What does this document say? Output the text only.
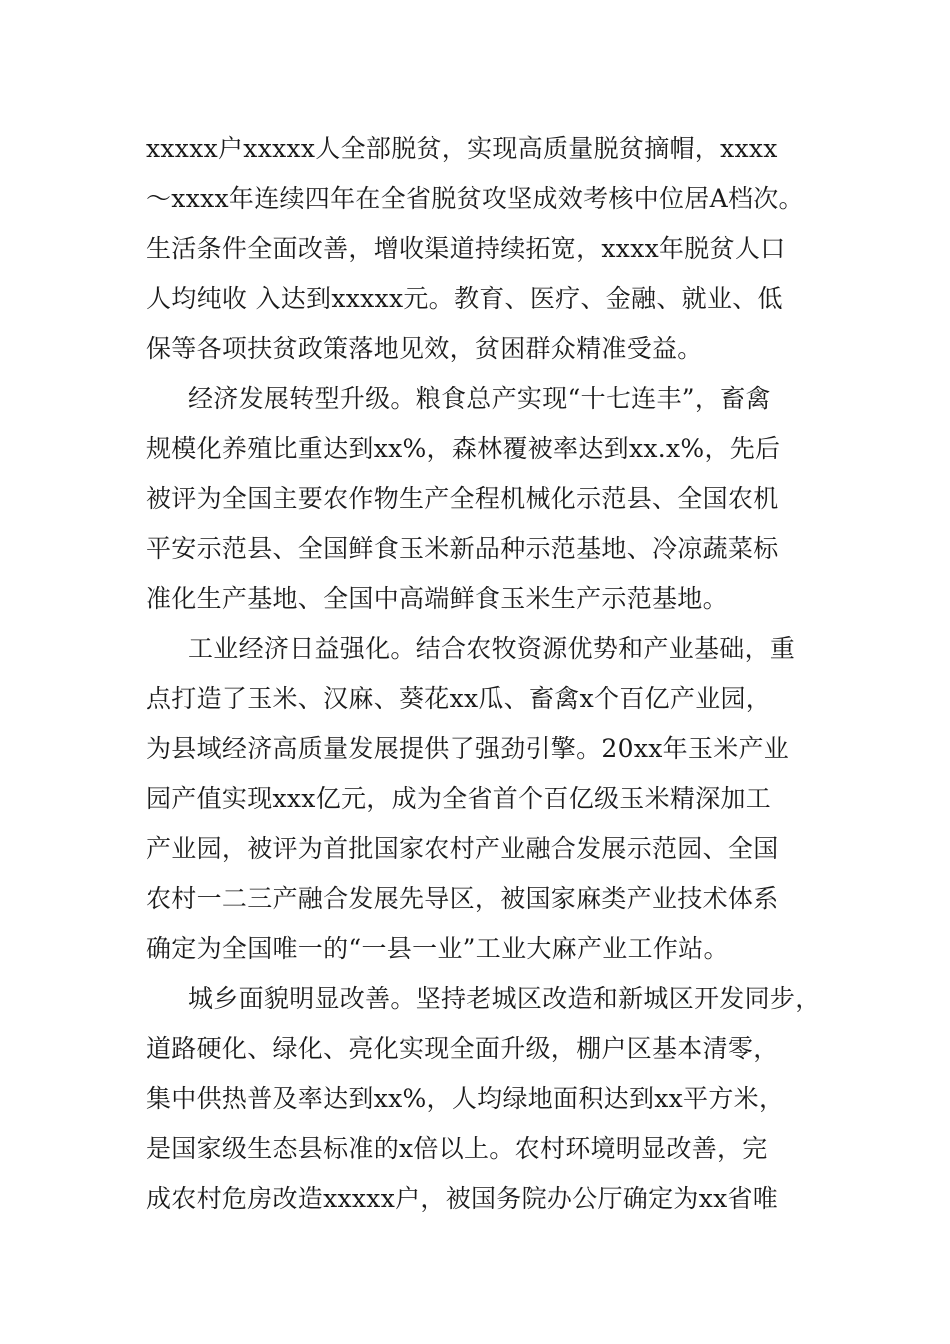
xxxxx户xxxxx人全部脱贫，实现高质量脱贫摘帽，xxxx
～xxxx年连续四年在全省脱贫攻坚成效考核中位居A档次。
生活条件全面改善，增收渠道持续拓宽，xxxx年脱贫人口
人均纯收 入达到xxxxx元。教育、医疗、金融、就业、低
保等各项扶贫政策落地见效，贫困群众精准受益。
经济发展转型升级。粮食总产实现“十七连丰”，畜禽
规模化养殖比重达到xx%，森林覆被率达到xx.x%，先后
被评为全国主要农作物生产全程机械化示范县、全国农机
平安示范县、全国鲜食玉米新品种示范基地、冷凉蔬菜标
准化生产基地、全国中高端鲜食玉米生产示范基地。
工业经济日益强化。结合农牧资源优势和产业基础，重
点打造了玉米、汉麻、葵花xx瓜、畜禽x个百亿产业园，
为县域经济高质量发展提供了强劲引擎。20xx年玉米产业
园产值实现xxx亿元，成为全省首个百亿级玉米精深加工
产业园，被评为首批国家农村产业融合发展示范园、全国
农村一二三产融合发展先导区，被国家麻类产业技术体系
确定为全国唯一的“一县一业”工业大麻产业工作站。
城乡面貌明显改善。坚持老城区改造和新城区开发同步，
道路硬化、绿化、亮化实现全面升级，棚户区基本清零，
集中供热普及率达到xx%，人均绿地面积达到xx平方米，
是国家级生态县标准的x倍以上。农村环境明显改善，完
成农村危房改造xxxxx户，被国务院办公厅确定为xx省唯
